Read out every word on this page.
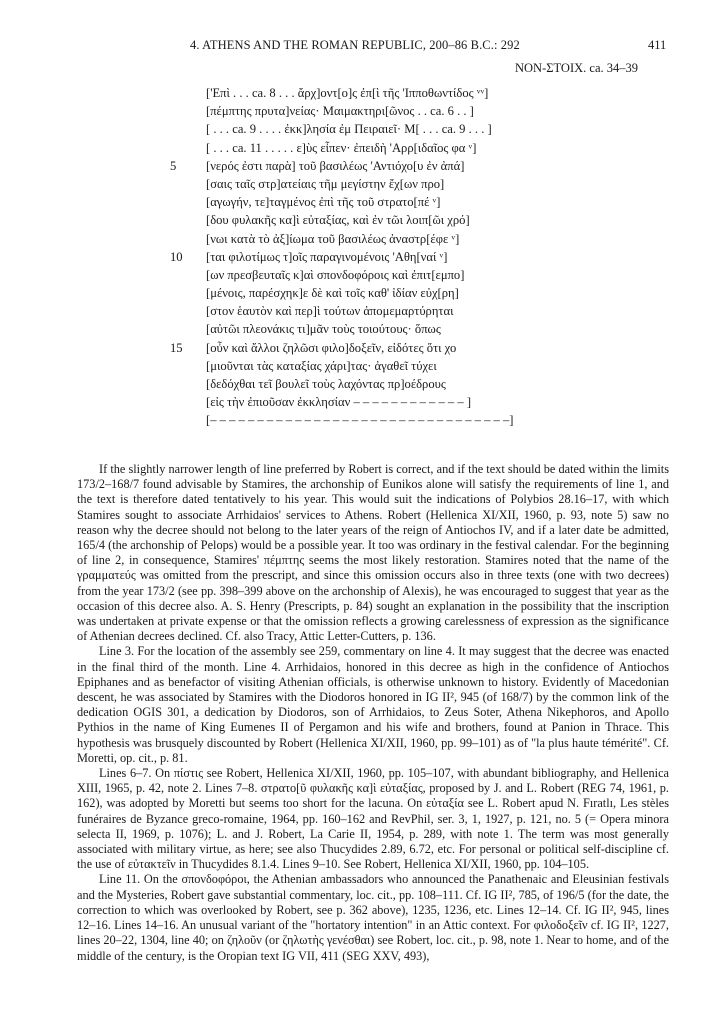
4. ATHENS AND THE ROMAN REPUBLIC, 200–86 B.C.: 292	411
NON-ΣΤΟΙΧ. ca. 34–39
['Επὶ . . . ca. 8 . . . ἄρχ]οντ[ο]ς ἐπ[ὶ τῆς 'Ιπποθωντίδος ᵛᵛ]
[πέμπτης πρυτα]νείας· Μαιμακτηρι[ῶνος . . ca. 6 . . ]
[ . . . ca. 9 . . . . ἐκκ]λησία ἐμ Πειραιεῖ· Μ[ . . . ca. 9 . . . ]
[ . . . ca. 11 . . . . . ε]ὺς εἶπεν· ἐπειδὴ 'Αρρ[ιδαῖος φα ᵛ]
5	[νερός ἐστι παρὰ] τοῦ βασιλέως 'Αντιόχο[υ ἐν ἀπά]
[σαις ταῖς στρ]ατείαις τῆμ μεγίστην ἔχ[ων προ]
[αγωγήν, τε]ταγμένος ἐπὶ τῆς τοῦ στρατο[πέ ᵛ]
[δου φυλακῆς κα]ὶ εὐταξίας, καὶ ἐν τῶι λοιπ[ῶι χρό]
[νωι κατὰ τὸ ἀξ]ίωμα τοῦ βασιλέως ἀναστρ[έφε ᵛ]
10	[ται φιλοτίμως τ]οῖς παραγινομένοις 'Αθη[ναί ᵛ]
[ων πρεσβευταῖς κ]αὶ σπονδοφόροις καὶ ἐπιτ[εμπο]
[μένοις, παρέσχηκ]ε δὲ καὶ τοῖς καθ' ἰδίαν εὐχ[ρη]
[στον ἑαυτὸν καὶ περ]ὶ τούτων ἀπομεμαρτύρηται
[αὐτῶι πλεονάκις τι]μᾶν τοὺς τοιούτους· ὅπως
15	[οὖν καὶ ἄλλοι ζηλῶσι φιλο]δοξεῖν, εἰδότες ὅτι χο
[μιοῦνται τὰς καταξίας χάρι]τας· ἀγαθεῖ τύχει
[δεδόχθαι τεῖ βουλεῖ τοὺς λαχόντας πρ]οέδρους
[εἰς τὴν ἐπιοῦσαν ἐκκλησίαν – – – – – – – – – – – – ]
[– – – – – – – – – – – – – – – – – – – – – – – – – – – – – – – –]

If the slightly narrower length of line preferred by Robert is correct, and if the text should be dated within the limits 173/2–168/7 found advisable by Stamires, the archonship of Eunikos alone will satisfy the requirements of line 1, and the text is therefore dated tentatively to his year. This would suit the indications of Polybios 28.16–17, with which Stamires sought to associate Arrhidaios' services to Athens. Robert (Hellenica XI/XII, 1960, p. 93, note 5) saw no reason why the decree should not belong to the later years of the reign of Antiochos IV, and if a later date be admitted, 165/4 (the archonship of Pelops) would be a possible year. It too was ordinary in the festival calendar. For the beginning of line 2, in consequence, Stamires' πέμπτης seems the most likely restoration. Stamires noted that the name of the γραμματεύς was omitted from the prescript, and since this omission occurs also in three texts (one with two decrees) from the year 173/2 (see pp. 398–399 above on the archonship of Alexis), he was encouraged to suggest that year as the occasion of this decree also. A. S. Henry (Prescripts, p. 84) sought an explanation in the possibility that the inscription was undertaken at private expense or that the omission reflects a growing carelessness of expression as the significance of Athenian decrees declined. Cf. also Tracy, Attic Letter-Cutters, p. 136.

Line 3. For the location of the assembly see 259, commentary on line 4. It may suggest that the decree was enacted in the final third of the month. Line 4. Arrhidaios, honored in this decree as high in the confidence of Antiochos Epiphanes and as benefactor of visiting Athenian officials, is otherwise unknown to history. Evidently of Macedonian descent, he was associated by Stamires with the Diodoros honored in IG II², 945 (of 168/7) by the common link of the dedication OGIS 301, a dedication by Diodoros, son of Arrhidaios, to Zeus Soter, Athena Nikephoros, and Apollo Pythios in the name of King Eumenes II of Pergamon and his wife and brothers, found at Panion in Thrace. This hypothesis was brusquely discounted by Robert (Hellenica XI/XII, 1960, pp. 99–101) as of "la plus haute témérité". Cf. Moretti, op. cit., p. 81.

Lines 6–7. On πίστις see Robert, Hellenica XI/XII, 1960, pp. 105–107, with abundant bibliography, and Hellenica XIII, 1965, p. 42, note 2. Lines 7–8. στρατο[ῦ φυλακῆς κα]ὶ εὐταξίας, proposed by J. and L. Robert (REG 74, 1961, p. 162), was adopted by Moretti but seems too short for the lacuna. On εὐταξία see L. Robert apud N. Fıratlı, Les stèles funéraires de Byzance greco-romaine, 1964, pp. 160–162 and RevPhil, ser. 3, 1, 1927, p. 121, no. 5 (= Opera minora selecta II, 1969, p. 1076); L. and J. Robert, La Carie II, 1954, p. 289, with note 1. The term was most generally associated with military virtue, as here; see also Thucydides 2.89, 6.72, etc. For personal or political self-discipline cf. the use of εὐτακτεῖν in Thucydides 8.1.4. Lines 9–10. See Robert, Hellenica XI/XII, 1960, pp. 104–105.

Line 11. On the σπονδοφόροι, the Athenian ambassadors who announced the Panathenaic and Eleusinian festivals and the Mysteries, Robert gave substantial commentary, loc. cit., pp. 108–111. Cf. IG II², 785, of 196/5 (for the date, the correction to which was overlooked by Robert, see p. 362 above), 1235, 1236, etc. Lines 12–14. Cf. IG II², 945, lines 12–16. Lines 14–16. An unusual variant of the "hortatory intention" in an Attic context. For φιλοδοξεῖν cf. IG II², 1227, lines 20–22, 1304, line 40; on ζηλοῦν (or ζηλωτὴς γενέσθαι) see Robert, loc. cit., p. 98, note 1. Near to home, and of the middle of the century, is the Oropian text IG VII, 411 (SEG XXV, 493),
